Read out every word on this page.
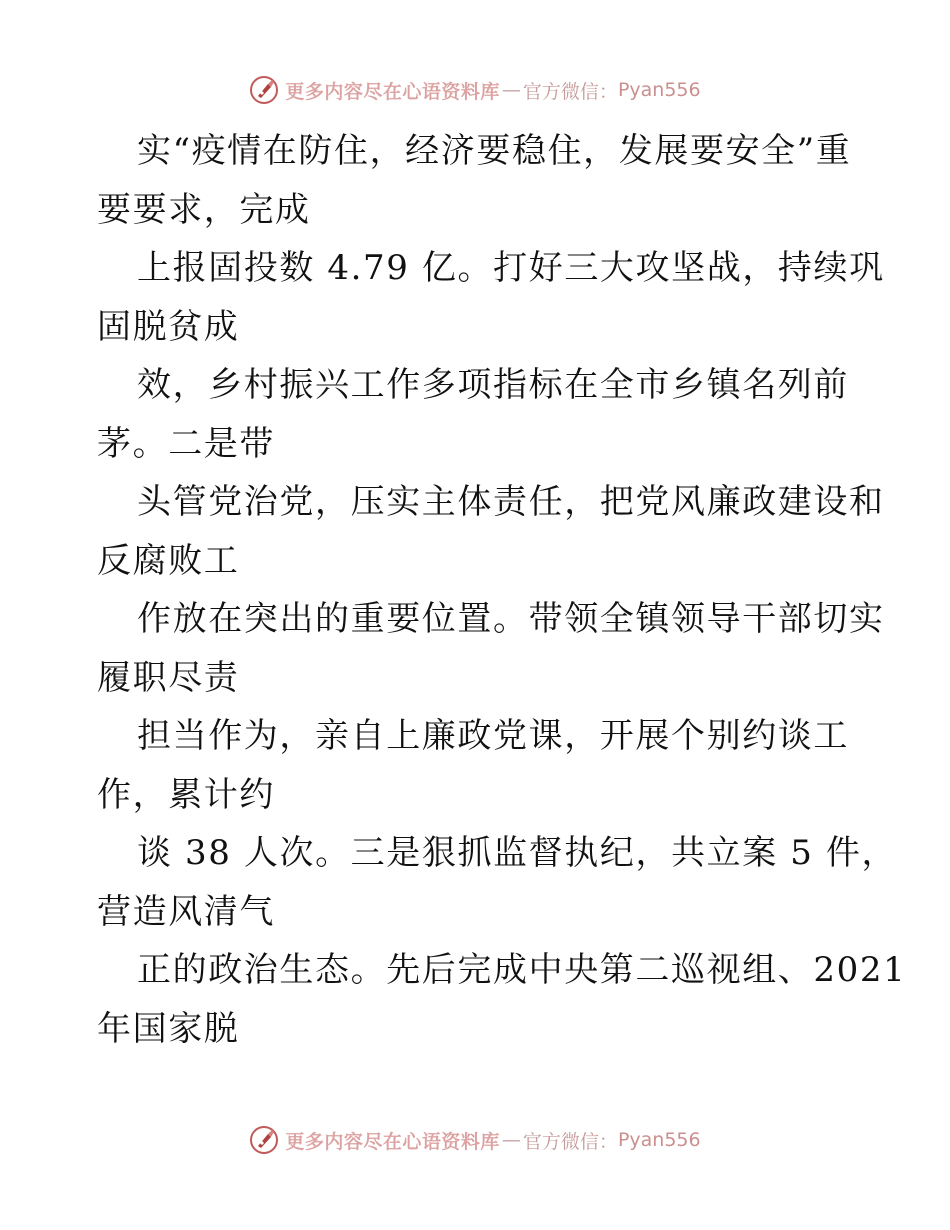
更多内容尽在心语资料库 — 官方微信： Pyan556
实“疫情在防住，经济要稳住，发展要安全”重
要要求，完成
上报固投数 4.79 亿。打好三大攻坚战，持续巩
固脱贫成
效，乡村振兴工作多项指标在全市乡镇名列前
茅。二是带
头管党治党，压实主体责任，把党风廉政建设和
反腐败工
作放在突出的重要位置。带领全镇领导干部切实
履职尽责
担当作为，亲自上廉政党课，开展个别约谈工
作，累计约
谈 38 人次。三是狠抓监督执纪，共立案 5 件，
营造风清气
正的政治生态。先后完成中央第二巡视组、2021
年国家脱
更多内容尽在心语资料库 — 官方微信： Pyan556
